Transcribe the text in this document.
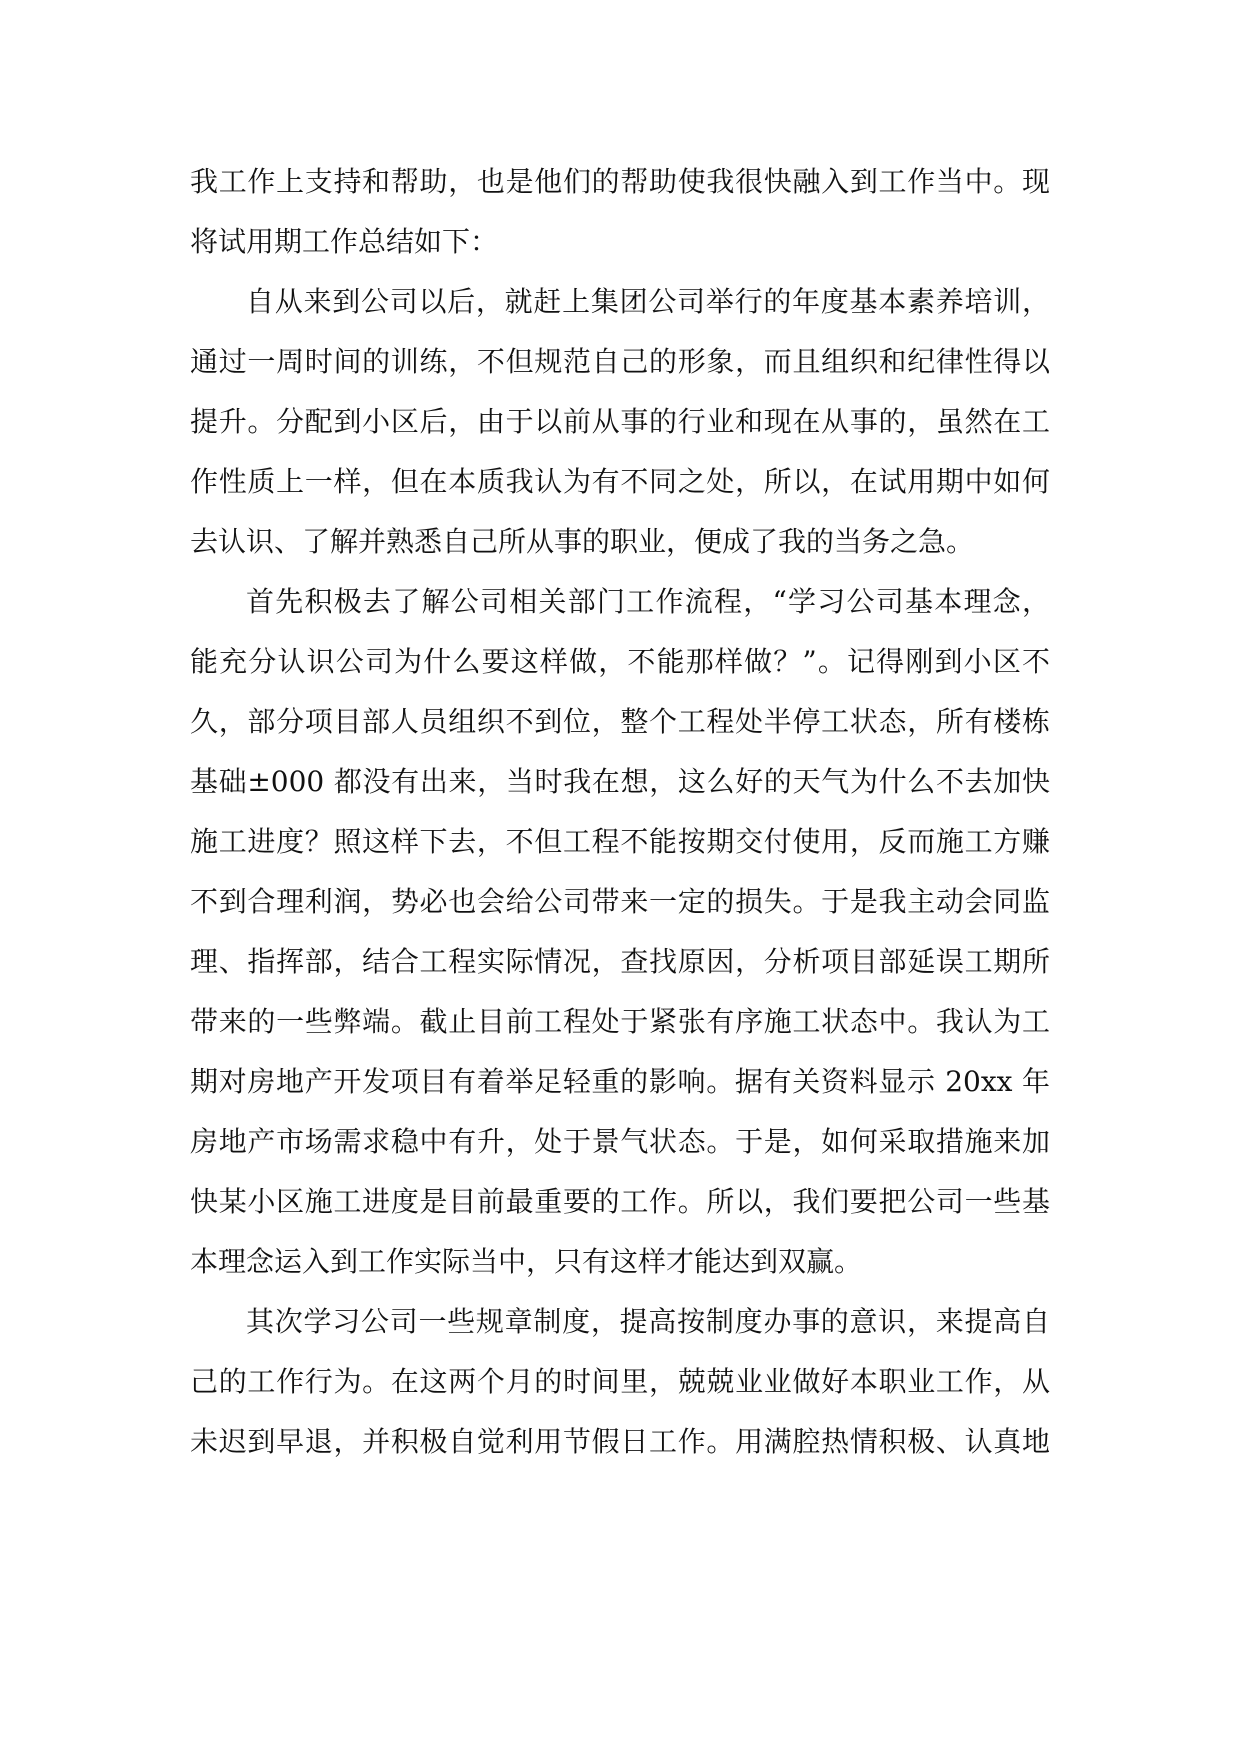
我工作上支持和帮助，也是他们的帮助使我很快融入到工作当中。现
将试用期工作总结如下：

自从来到公司以后，就赶上集团公司举行的年度基本素养培训，
通过一周时间的训练，不但规范自己的形象，而且组织和纪律性得以
提升。分配到小区后，由于以前从事的行业和现在从事的，虽然在工
作性质上一样，但在本质我认为有不同之处，所以，在试用期中如何
去认识、了解并熟悉自己所从事的职业，便成了我的当务之急。

首先积极去了解公司相关部门工作流程，“学习公司基本理念，
能充分认识公司为什么要这样做，不能那样做？”。记得刚到小区不
久，部分项目部人员组织不到位，整个工程处半停工状态，所有楼栋
基础±000 都没有出来，当时我在想，这么好的天气为什么不去加快
施工进度？照这样下去，不但工程不能按期交付使用，反而施工方赚
不到合理利润，势必也会给公司带来一定的损失。于是我主动会同监
理、指挥部，结合工程实际情况，查找原因，分析项目部延误工期所
带来的一些弊端。截止目前工程处于紧张有序施工状态中。我认为工
期对房地产开发项目有着举足轻重的影响。据有关资料显示 20xx 年
房地产市场需求稳中有升，处于景气状态。于是，如何采取措施来加
快某小区施工进度是目前最重要的工作。所以，我们要把公司一些基
本理念运入到工作实际当中，只有这样才能达到双赢。

其次学习公司一些规章制度，提高按制度办事的意识，来提高自
己的工作行为。在这两个月的时间里，兢兢业业做好本职业工作，从
未迟到早退，并积极自觉利用节假日工作。用满腔热情积极、认真地
